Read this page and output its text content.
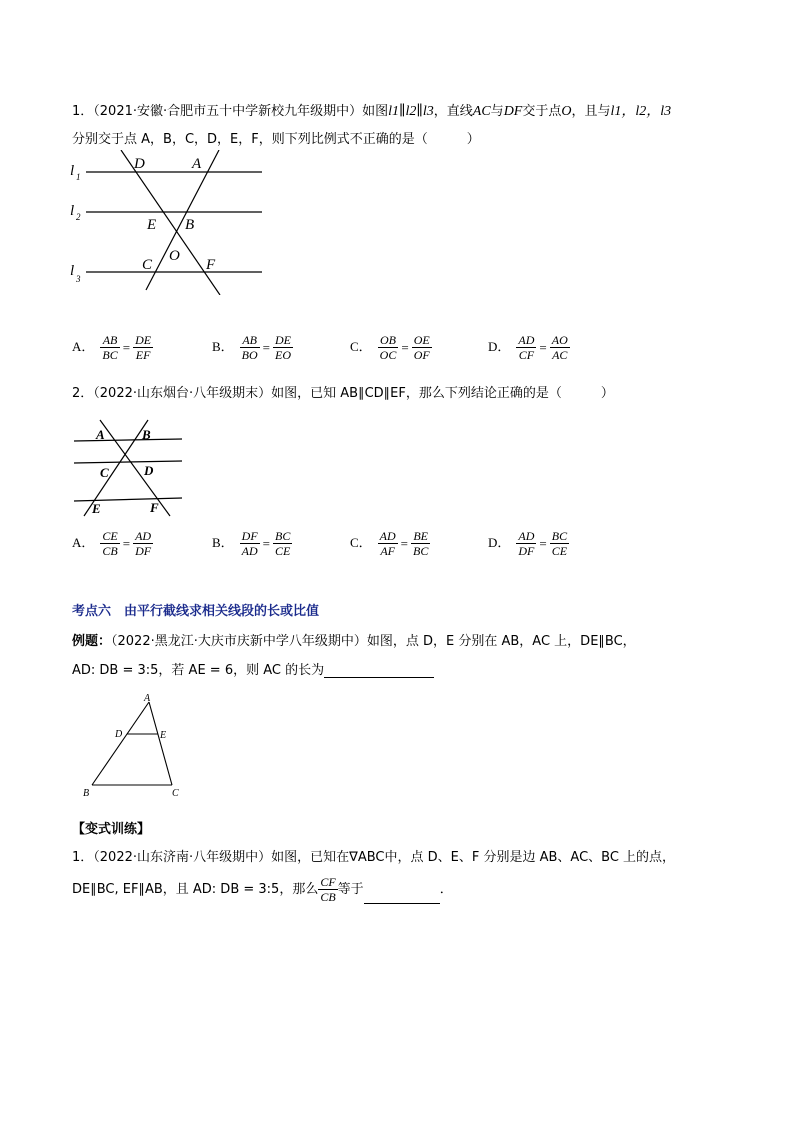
1．（2021·安徽·合肥市五十中学新校九年级期中）如图l1∥l2∥l3，直线AC与DF交于点O，且与l1，l2，l3
分别交于点 A，B，C，D，E，F，则下列比例式不正确的是（　　　）
D	A
E B
O
C	F
l 1
l 2
l 3
A． $\frac{AB}{BC} = \frac{DE}{EF}$	B． $\frac{AB}{BO} = \frac{DE}{EO}$	C． $\frac{OB}{OC} = \frac{OE}{OF}$	D． $\frac{AD}{CF} = \frac{AO}{AC}$
2．（2022·山东烟台·八年级期末）如图，已知 AB∥CD∥EF，那么下列结论正确的是（　　　）
A	B
C	D
E	F
A． $\frac{CE}{CB} = \frac{AD}{DF}$	B． $\frac{DF}{AD} = \frac{BC}{CE}$	C． $\frac{AD}{AF} = \frac{BE}{BC}$	D． $\frac{AD}{DF} = \frac{BC}{CE}$
考点六　由平行截线求相关线段的长或比值
例题：（2022·黑龙江·大庆市庆新中学八年级期中）如图，点 D，E 分别在 AB，AC 上，DE∥BC，
AD: DB = 3:5，若 AE = 6，则 AC 的长为
A
D	E
B	C
【变式训练】
1．（2022·山东济南·八年级期中）如图，已知在∇ABC中，点 D、E、F 分别是边 AB、AC、BC 上的点，
DE∥BC, EF∥AB，且 AD: DB = 3:5，那么 $\frac{CF}{CB}$ 等于	．
